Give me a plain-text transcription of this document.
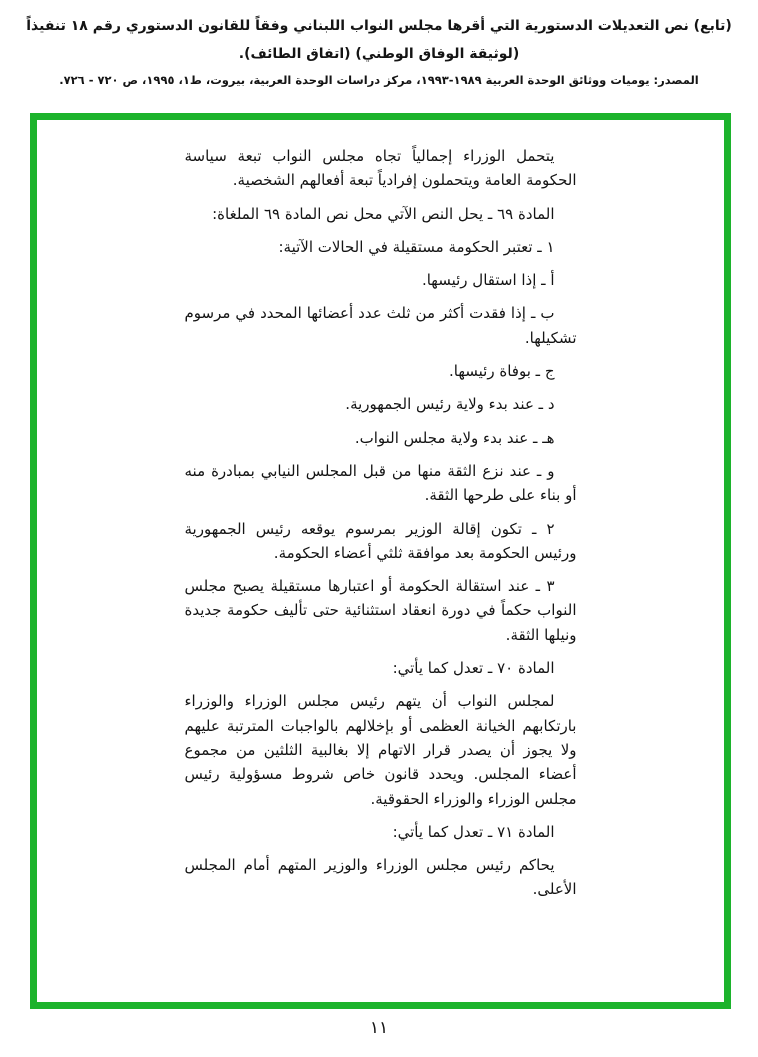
(تابع) نص التعديلات الدستورية التي أقرها مجلس النواب اللبناني وفقاً للقانون الدستوري رقم ١٨ تنفيذاً (لوثيقة الوفاق الوطني) (اتفاق الطائف).
المصدر: يوميات ووثائق الوحدة العربية ١٩٨٩-١٩٩٣، مركز دراسات الوحدة العربية، بيروت، ط١، ١٩٩٥، ص ٧٢٠ - ٧٢٦.

يتحمل الوزراء إجمالياً تجاه مجلس النواب تبعة سياسة الحكومة العامة ويتحملون إفرادياً تبعة أفعالهم الشخصية.

المادة ٦٩ ـ يحل النص الآتي محل نص المادة ٦٩ الملغاة:

١ ـ تعتبر الحكومة مستقيلة في الحالات الآتية:

أ ـ إذا استقال رئيسها.

ب ـ إذا فقدت أكثر من ثلث عدد أعضائها المحدد في مرسوم تشكيلها.

ج ـ بوفاة رئيسها.

د ـ عند بدء ولاية رئيس الجمهورية.

هـ ـ عند بدء ولاية مجلس النواب.

و ـ عند نزع الثقة منها من قبل المجلس النيابي بمبادرة منه أو بناء على طرحها الثقة.

٢ ـ تكون إقالة الوزير بمرسوم يوقعه رئيس الجمهورية ورئيس الحكومة بعد موافقة ثلثي أعضاء الحكومة.

٣ ـ عند استقالة الحكومة أو اعتبارها مستقيلة يصبح مجلس النواب حكماً في دورة انعقاد استثنائية حتى تأليف حكومة جديدة ونيلها الثقة.

المادة ٧٠ ـ تعدل كما يأتي:

لمجلس النواب أن يتهم رئيس مجلس الوزراء والوزراء بارتكابهم الخيانة العظمى أو بإخلالهم بالواجبات المترتبة عليهم ولا يجوز أن يصدر قرار الاتهام إلا بغالبية الثلثين من مجموع أعضاء المجلس. ويحدد قانون خاص شروط مسؤولية رئيس مجلس الوزراء والوزراء الحقوقية.

المادة ٧١ ـ تعدل كما يأتي:

يحاكم رئيس مجلس الوزراء والوزير المتهم أمام المجلس الأعلى.

١١
